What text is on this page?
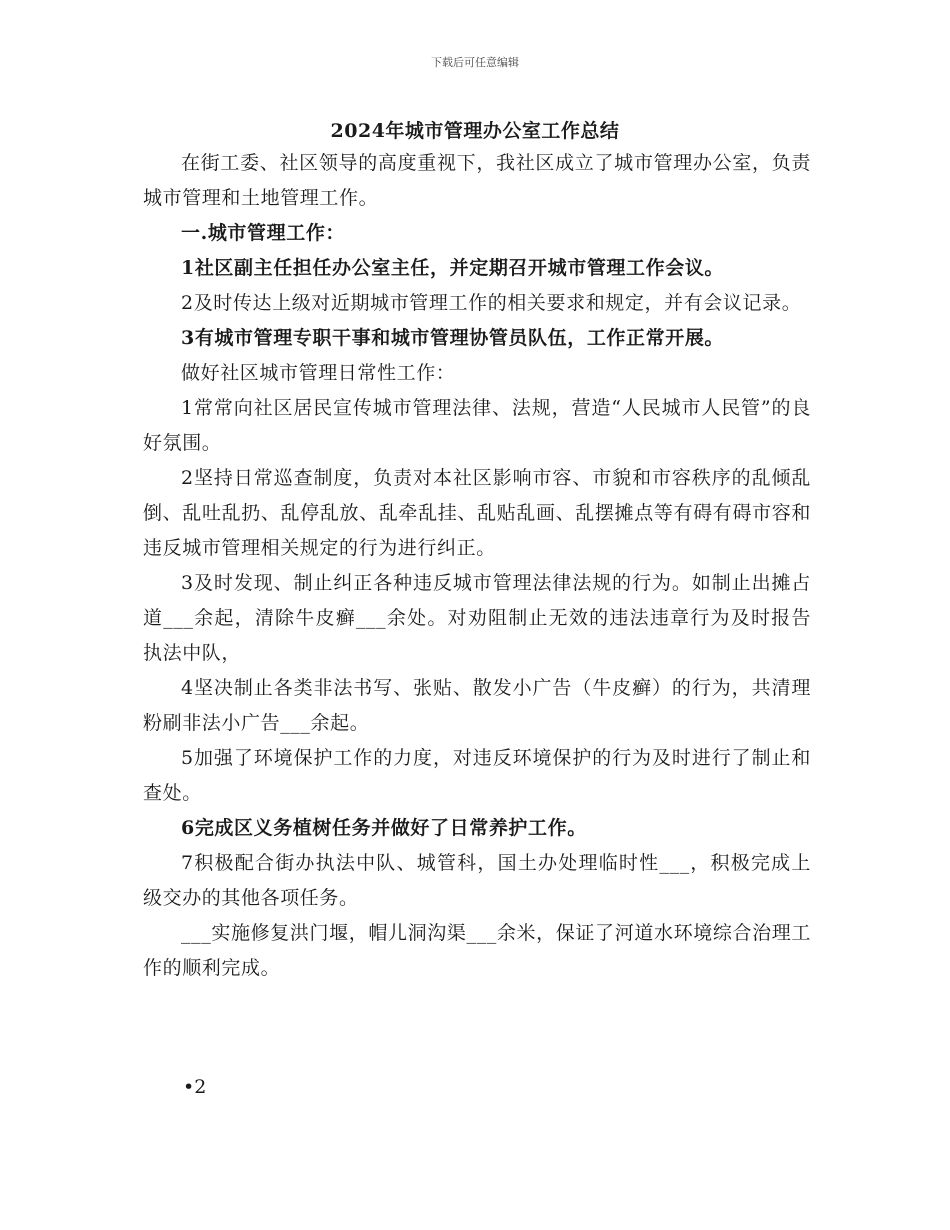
下载后可任意编辑
2024年城市管理办公室工作总结

在街工委、社区领导的高度重视下，我社区成立了城市管理办公室，负责城市管理和土地管理工作。

一.城市管理工作：

1社区副主任担任办公室主任，并定期召开城市管理工作会议。

2及时传达上级对近期城市管理工作的相关要求和规定，并有会议记录。

3有城市管理专职干事和城市管理协管员队伍，工作正常开展。

做好社区城市管理日常性工作：

1常常向社区居民宣传城市管理法律、法规，营造“人民城市人民管”的良好氛围。

2坚持日常巡查制度，负责对本社区影响市容、市貌和市容秩序的乱倾乱倒、乱吐乱扔、乱停乱放、乱牵乱挂、乱贴乱画、乱摆摊点等有碍有碍市容和违反城市管理相关规定的行为进行纠正。

3及时发现、制止纠正各种违反城市管理法律法规的行为。如制止出摊占道___余起，清除牛皮癣___余处。对劝阻制止无效的违法违章行为及时报告执法中队，

4坚决制止各类非法书写、张贴、散发小广告（牛皮癣）的行为，共清理粉刷非法小广告___余起。

5加强了环境保护工作的力度，对违反环境保护的行为及时进行了制止和查处。

6完成区义务植树任务并做好了日常养护工作。

7积极配合街办执法中队、城管科，国土办处理临时性___，积极完成上级交办的其他各项任务。

___实施修复洪门堰，帽儿洞沟渠___余米，保证了河道水环境综合治理工作的顺利完成。

•2
